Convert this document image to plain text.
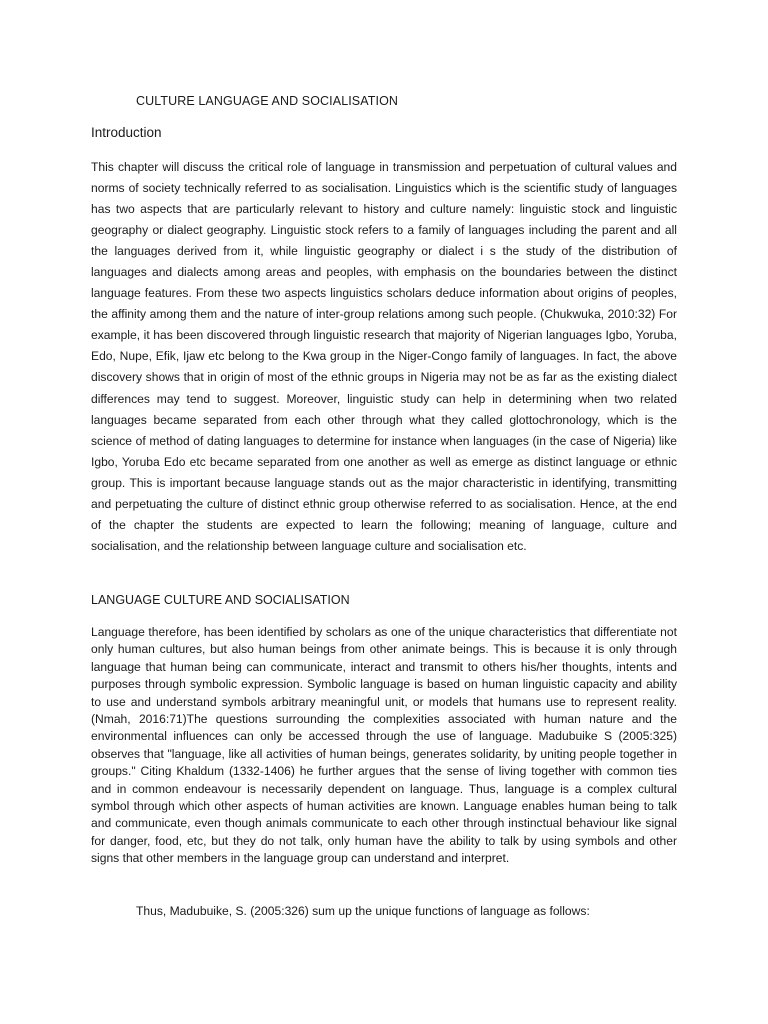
CULTURE LANGUAGE AND SOCIALISATION
Introduction

This chapter will discuss the critical role of language in transmission and perpetuation of cultural values and norms of society technically referred to as socialisation. Linguistics which is the scientific study of languages has two aspects that are particularly relevant to history and culture namely: linguistic stock and linguistic geography or dialect geography. Linguistic stock refers to a family of languages including the parent and all the languages derived from it, while linguistic geography or dialect i s the study of the distribution of languages and dialects among areas and peoples, with emphasis on the boundaries between the distinct language features. From these two aspects linguistics scholars deduce information about origins of peoples, the affinity among them and the nature of inter-group relations among such people. (Chukwuka, 2010:32) For example, it has been discovered through linguistic research that majority of Nigerian languages Igbo, Yoruba, Edo, Nupe, Efik, Ijaw etc belong to the Kwa group in the Niger-Congo family of languages. In fact, the above discovery shows that in origin of most of the ethnic groups in Nigeria may not be as far as the existing dialect differences may tend to suggest. Moreover, linguistic study can help in determining when two related languages became separated from each other through what they called glottochronology, which is the science of method of dating languages to determine for instance when languages (in the case of Nigeria) like Igbo, Yoruba Edo etc became separated from one another as well as emerge as distinct language or ethnic group. This is important because language stands out as the major characteristic in identifying, transmitting and perpetuating the culture of distinct ethnic group otherwise referred to as socialisation. Hence, at the end of the chapter the students are expected to learn the following; meaning of language, culture and socialisation, and the relationship between language culture and socialisation etc.

LANGUAGE CULTURE AND SOCIALISATION

Language therefore, has been identified by scholars as one of the unique characteristics that differentiate not only human cultures, but also human beings from other animate beings. This is because it is only through language that human being can communicate, interact and transmit to others his/her thoughts, intents and purposes through symbolic expression. Symbolic language is based on human linguistic capacity and ability to use and understand symbols arbitrary meaningful unit, or models that humans use to represent reality. (Nmah, 2016:71)The questions surrounding the complexities associated with human nature and the environmental influences can only be accessed through the use of language. Madubuike S (2005:325) observes that "language, like all activities of human beings, generates solidarity, by uniting people together in groups." Citing Khaldum (1332-1406) he further argues that the sense of living together with common ties and in common endeavour is necessarily dependent on language. Thus, language is a complex cultural symbol through which other aspects of human activities are known. Language enables human being to talk and communicate, even though animals communicate to each other through instinctual behaviour like signal for danger, food, etc, but they do not talk, only human have the ability to talk by using symbols and other signs that other members in the language group can understand and interpret.

Thus, Madubuike, S. (2005:326) sum up the unique functions of language as follows:
